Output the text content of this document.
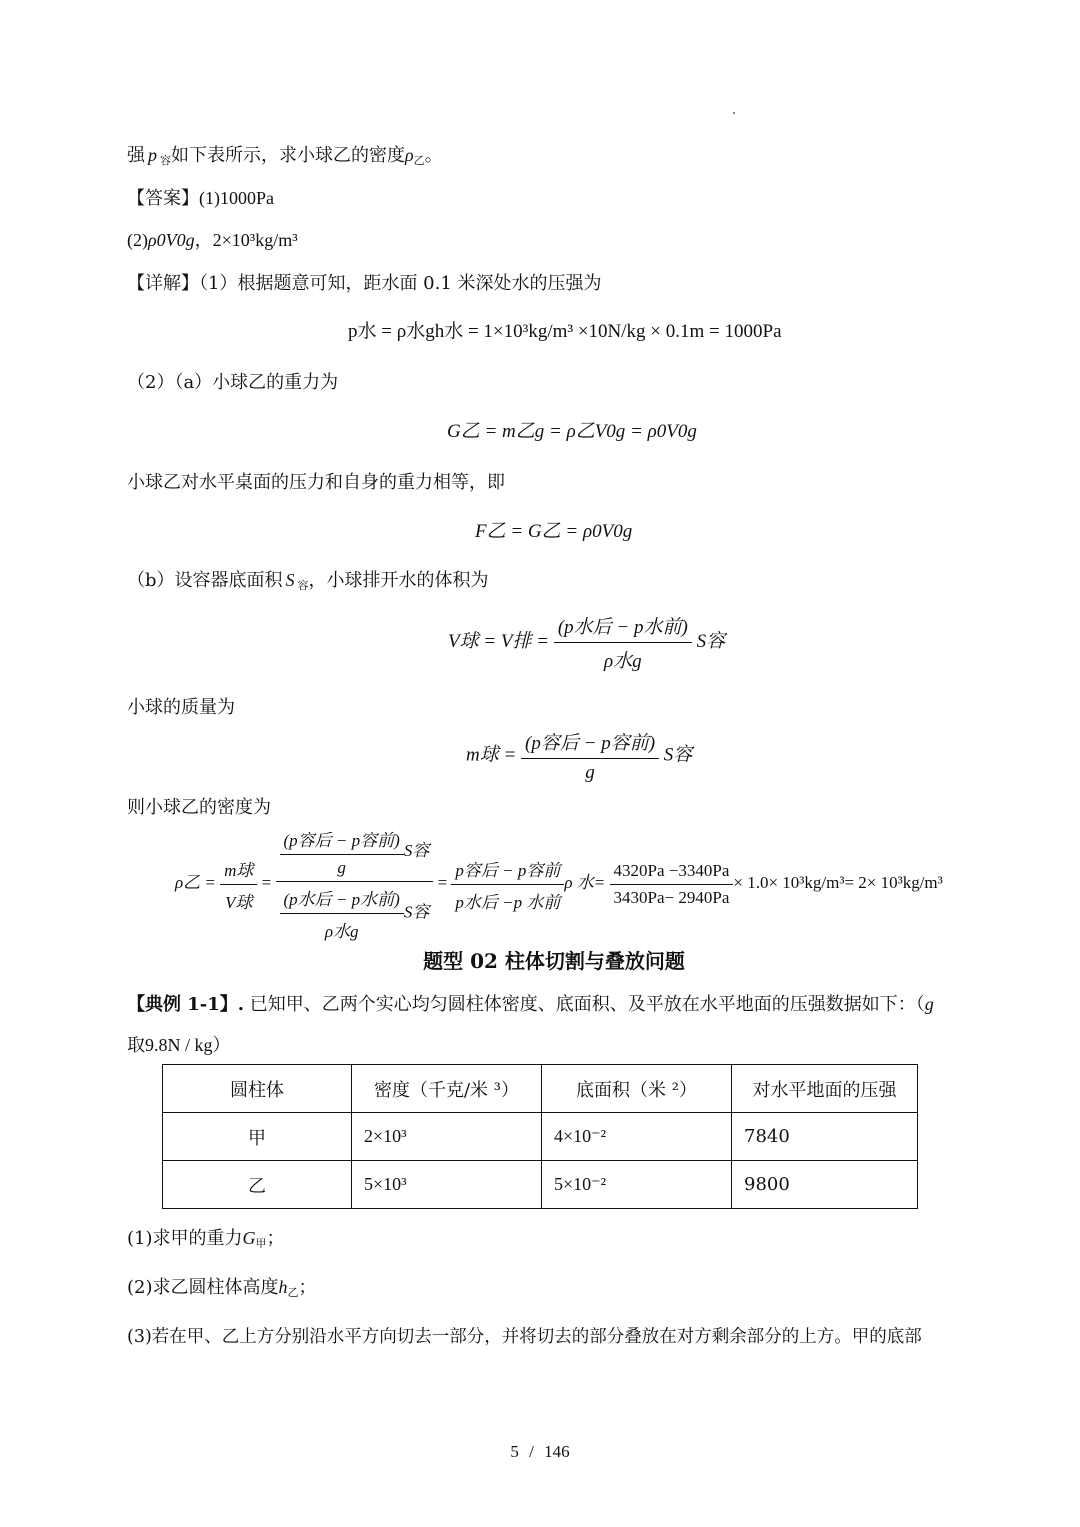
强 p $_容$如下表所示，求小球乙的密度$\rho_乙$。
【答案】(1)1000Pa
(2)ρ0V0g，2×10³kg/m³
【详解】（1）根据题意可知，距水面 0.1 米深处水的压强为
p水 = ρ水gh水 = 1×10³kg/m³ ×10N/kg × 0.1m = 1000Pa
（2）（a）小球乙的重力为
G乙 = m乙g = ρ乙V0g = ρ0V0g
小球乙对水平桌面的压力和自身的重力相等，即
F乙 = G乙 = ρ0V0g
（b）设容器底面积 S $_容$，小球排开水的体积为
V球 = V排 = $\frac{\text{(p水后 − p水前)}}{\text{ρ水g}}$ S容
小球的质量为
m球 = $\frac{\text{(p容后 − p容前)}}{g}$ S容
则小球乙的密度为
ρ乙 = $\frac{\text{m球}}{\text{V球}} = \frac{\frac{\text{(p容后 − p容前)}}{g} S容}{\frac{\text{(p水后 − p水前)}}{\text{ρ水g}} S容} = \frac{\text{p容后 − p容前}}{\text{p水后 −p 水前}}$ ρ 水= $\frac{4320Pa -3340Pa}{3430Pa- 2940Pa} \times 1.0\times 10^3kg/m^3= 2\times 10^3kg/m^3$
题型 02 柱体切割与叠放问题
【典例 1-1】. 已知甲、乙两个实心均匀圆柱体密度、底面积、及平放在水平地面的压强数据如下：（g
取9.8N / kg）
圆柱体	密度（千克/米 ³）	底面积（米 ²）	对水平地面的压强
甲	2×10³	4×10⁻²	7840
乙	5×10³	5×10⁻²	9800
(1)求甲的重力$G_甲$；
(2)求乙圆柱体高度$h_乙$；
(3)若在甲、乙上方分别沿水平方向切去一部分，并将切去的部分叠放在对方剩余部分的上方。甲的底部
5 / 146
